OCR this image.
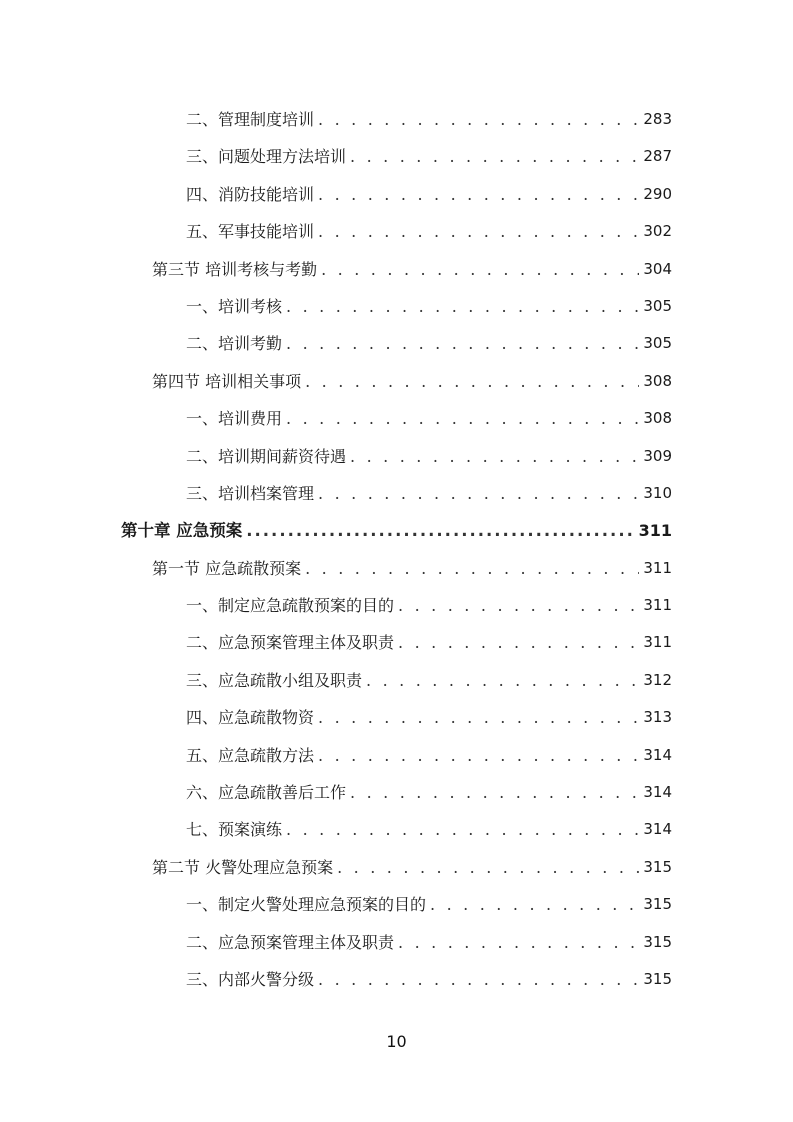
二、管理制度培训 . . .	283
三、问题处理方法培训 . . .	287
四、消防技能培训 . . .	290
五、军事技能培训 . . .	302
第三节 培训考核与考勤 . . .	304
一、培训考核 . . .	305
二、培训考勤 . . .	305
第四节 培训相关事项 . . .	308
一、培训费用 . . .	308
二、培训期间薪资待遇 . . .	309
三、培训档案管理 . . .	310
第十章 应急预案 .....	311
第一节 应急疏散预案 . . .	311
一、制定应急疏散预案的目的 . . .	311
二、应急预案管理主体及职责 . . .	311
三、应急疏散小组及职责 . . .	312
四、应急疏散物资 . . .	313
五、应急疏散方法 . . .	314
六、应急疏散善后工作 . . .	314
七、预案演练 . . .	314
第二节 火警处理应急预案 . . .	315
一、制定火警处理应急预案的目的 . . .	315
二、应急预案管理主体及职责 . . .	315
三、内部火警分级 . . .	315
10
